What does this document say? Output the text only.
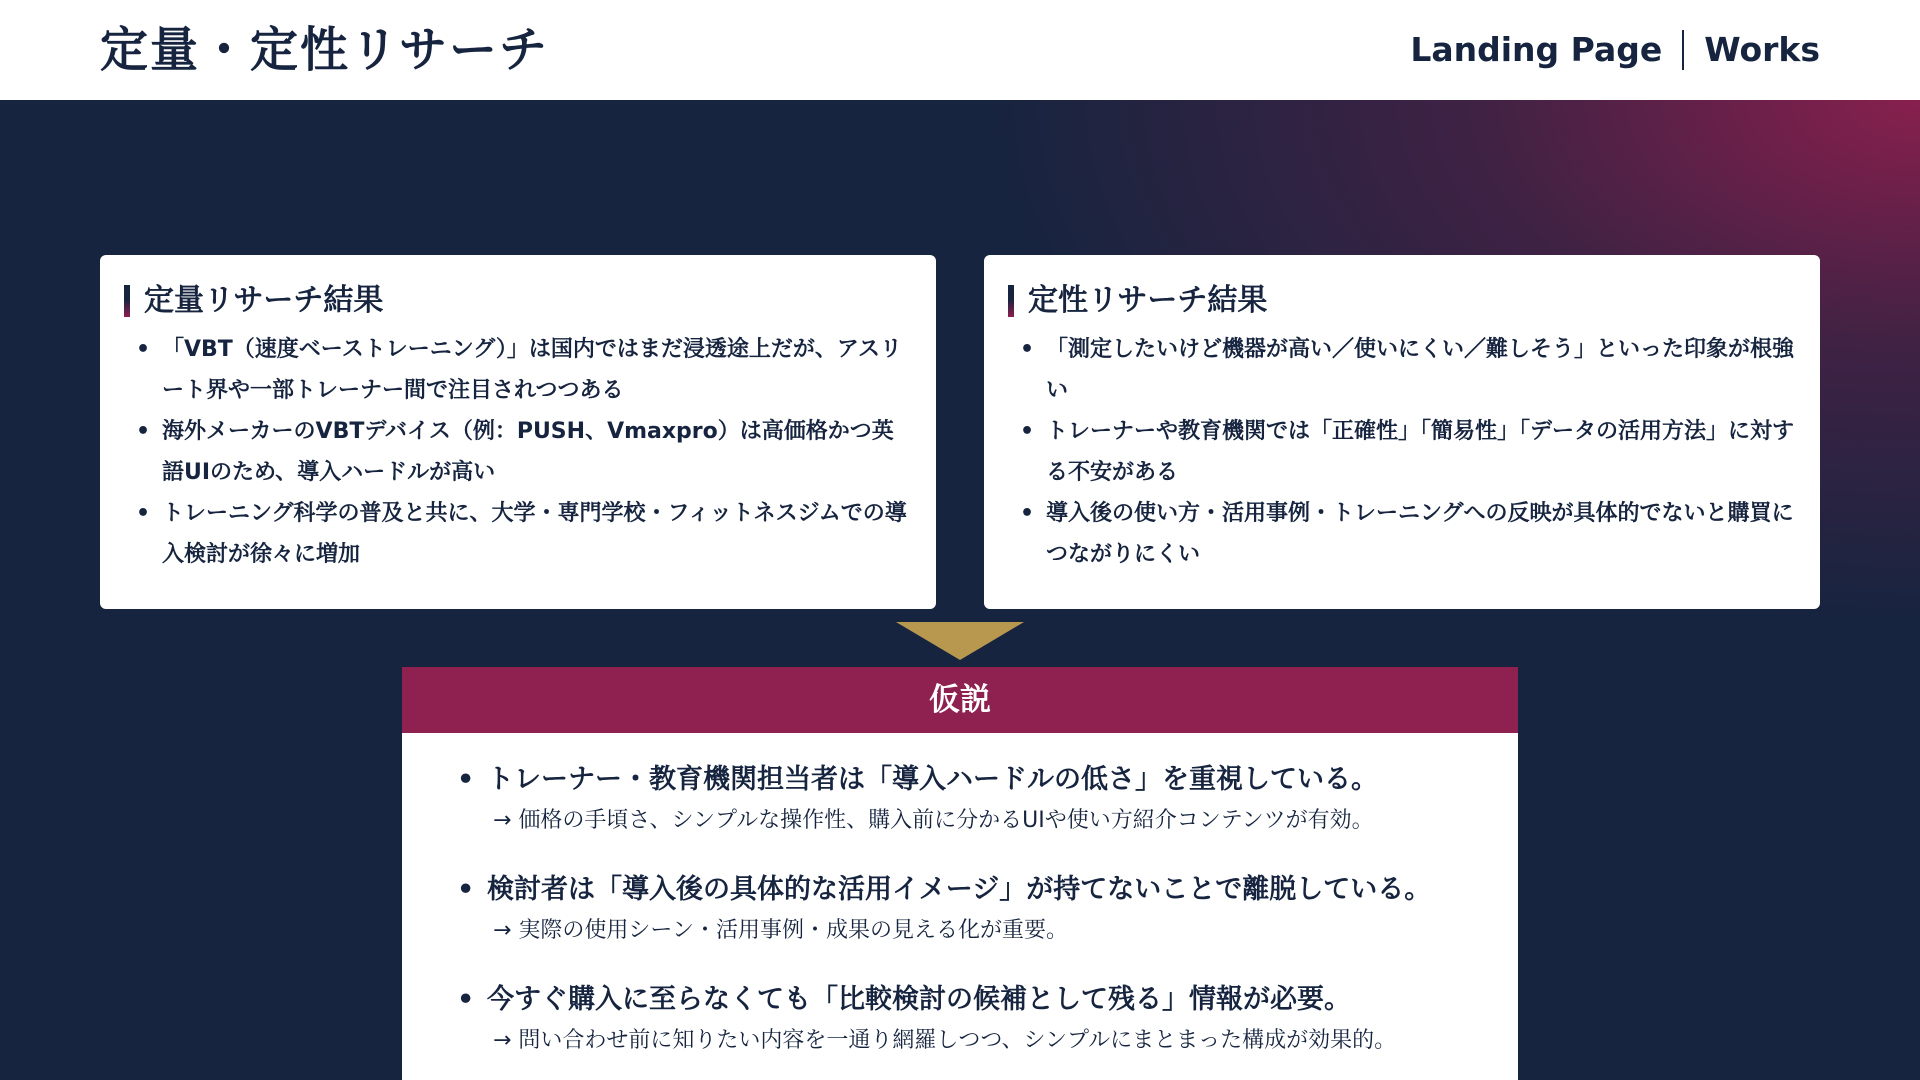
定量・定性リサーチ	Landing Page Works
定量リサーチ結果
• 「VBT（速度ベーストレーニング）」は国内ではまだ浸透途上だが、アスリート界や一部トレーナー間で注目されつつある
• 海外メーカーのVBTデバイス（例：PUSH、Vmaxpro）は高価格かつ英語UIのため、導入ハードルが高い
• トレーニング科学の普及と共に、大学・専門学校・フィットネスジムでの導入検討が徐々に増加
定性リサーチ結果
• 「測定したいけど機器が高い／使いにくい／難しそう」といった印象が根強い
• トレーナーや教育機関では「正確性」「簡易性」「データの活用方法」に対する不安がある
• 導入後の使い方・活用事例・トレーニングへの反映が具体的でないと購買につながりにくい
仮説
• トレーナー・教育機関担当者は「導入ハードルの低さ」を重視している。
→ 価格の手頃さ、シンプルな操作性、購入前に分かるUIや使い方紹介コンテンツが有効。
• 検討者は「導入後の具体的な活用イメージ」が持てないことで離脱している。
→ 実際の使用シーン・活用事例・成果の見える化が重要。
• 今すぐ購入に至らなくても「比較検討の候補として残る」情報が必要。
→ 問い合わせ前に知りたい内容を一通り網羅しつつ、シンプルにまとまった構成が効果的。
